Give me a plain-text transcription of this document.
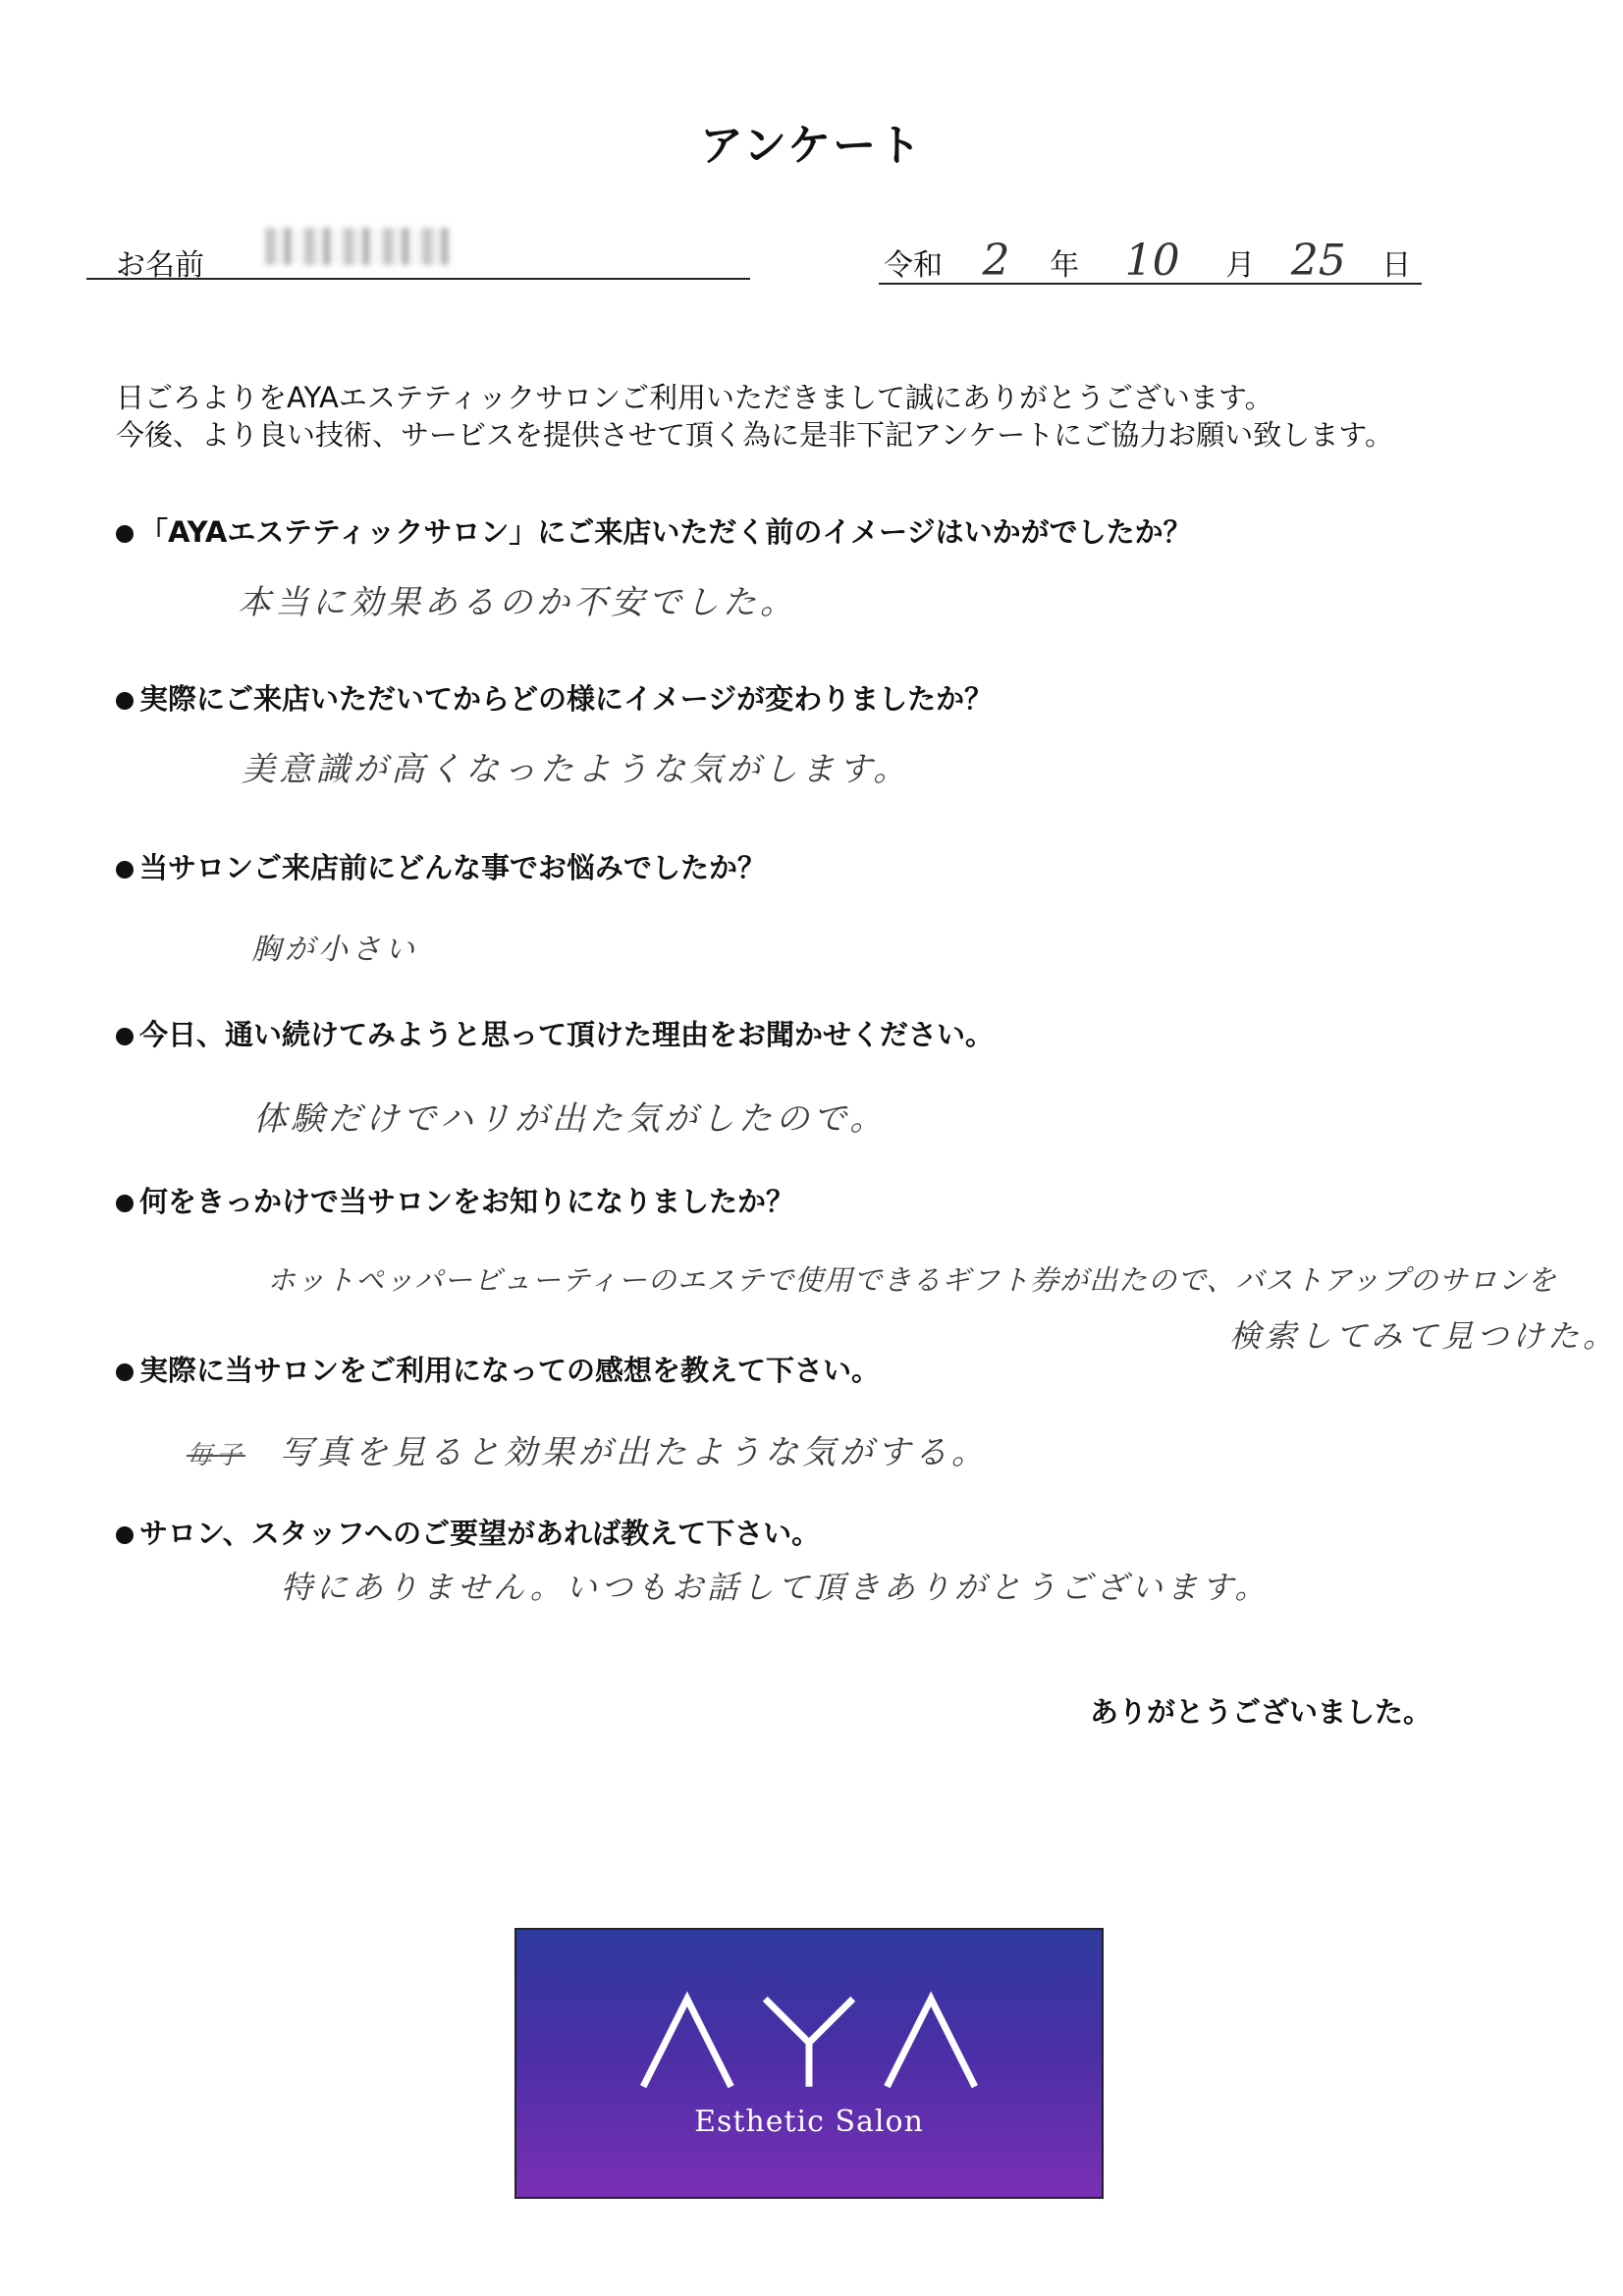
アンケート
お名前	令和 2 年 10 月 25 日
日ごろよりをAYAエステティックサロンご利用いただきまして誠にありがとうございます。
今後、より良い技術、サービスを提供させて頂く為に是非下記アンケートにご協力お願い致します。
「AYAエステティックサロン」にご来店いただく前のイメージはいかがでしたか？
本当に効果あるのか不安でした。
実際にご来店いただいてからどの様にイメージが変わりましたか？
美意識が高くなったような気がします。
当サロンご来店前にどんな事でお悩みでしたか？
胸が小さい
今日、通い続けてみようと思って頂けた理由をお聞かせください。
体験だけでハリが出た気がしたので。
何をきっかけで当サロンをお知りになりましたか？
ホットペッパービューティーのエステで使用できるギフト券が出たので、バストアップのサロンを
検索してみて見つけた。
実際に当サロンをご利用になっての感想を教えて下さい。
毎子 写真を見ると効果が出たような気がする。
サロン、スタッフへのご要望があれば教えて下さい。
特にありません。いつもお話して頂きありがとうございます。
ありがとうございました。
Esthetic Salon
